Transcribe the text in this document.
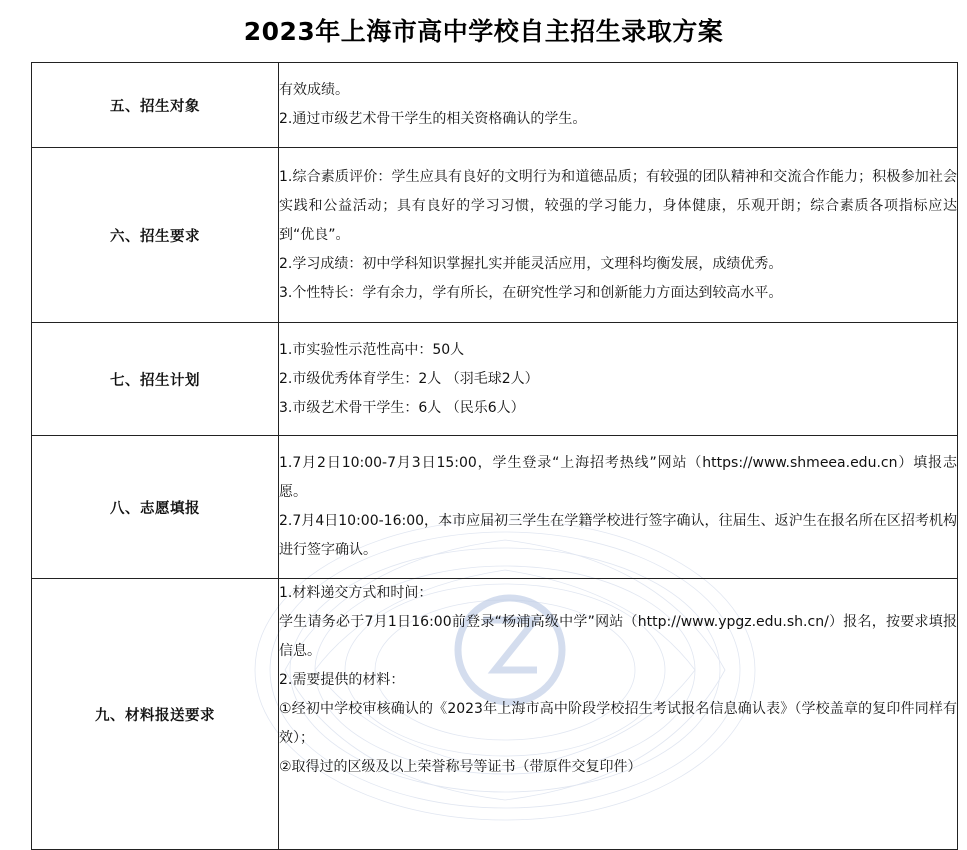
2023年上海市高中学校自主招生录取方案
五、招生对象	有效成绩。
2.通过市级艺术骨干学生的相关资格确认的学生。

六、招生要求	1.综合素质评价：学生应具有良好的文明行为和道德品质；有较强的团队精神和交流合作能力；积极参加社会实践和公益活动；具有良好的学习习惯，较强的学习能力，身体健康，乐观开朗；综合素质各项指标应达到“优良”。
2.学习成绩：初中学科知识掌握扎实并能灵活应用，文理科均衡发展，成绩优秀。
3.个性特长：学有余力，学有所长，在研究性学习和创新能力方面达到较高水平。

七、招生计划	1.市实验性示范性高中：50人
2.市级优秀体育学生：2人 （羽毛球2人）
3.市级艺术骨干学生：6人 （民乐6人）

八、志愿填报	1.7月2日10:00-7月3日15:00，学生登录“上海招考热线”网站（https://www.shmeea.edu.cn）填报志愿。
2.7月4日10:00-16:00，本市应届初三学生在学籍学校进行签字确认，往届生、返沪生在报名所在区招考机构进行签字确认。

九、材料报送要求	1.材料递交方式和时间：
学生请务必于7月1日16:00前登录“杨浦高级中学”网站（http://www.ypgz.edu.sh.cn/）报名，按要求填报信息。
2.需要提供的材料：
①经初中学校审核确认的《2023年上海市高中阶段学校招生考试报名信息确认表》（学校盖章的复印件同样有效）；
②取得过的区级及以上荣誉称号等证书（带原件交复印件）
